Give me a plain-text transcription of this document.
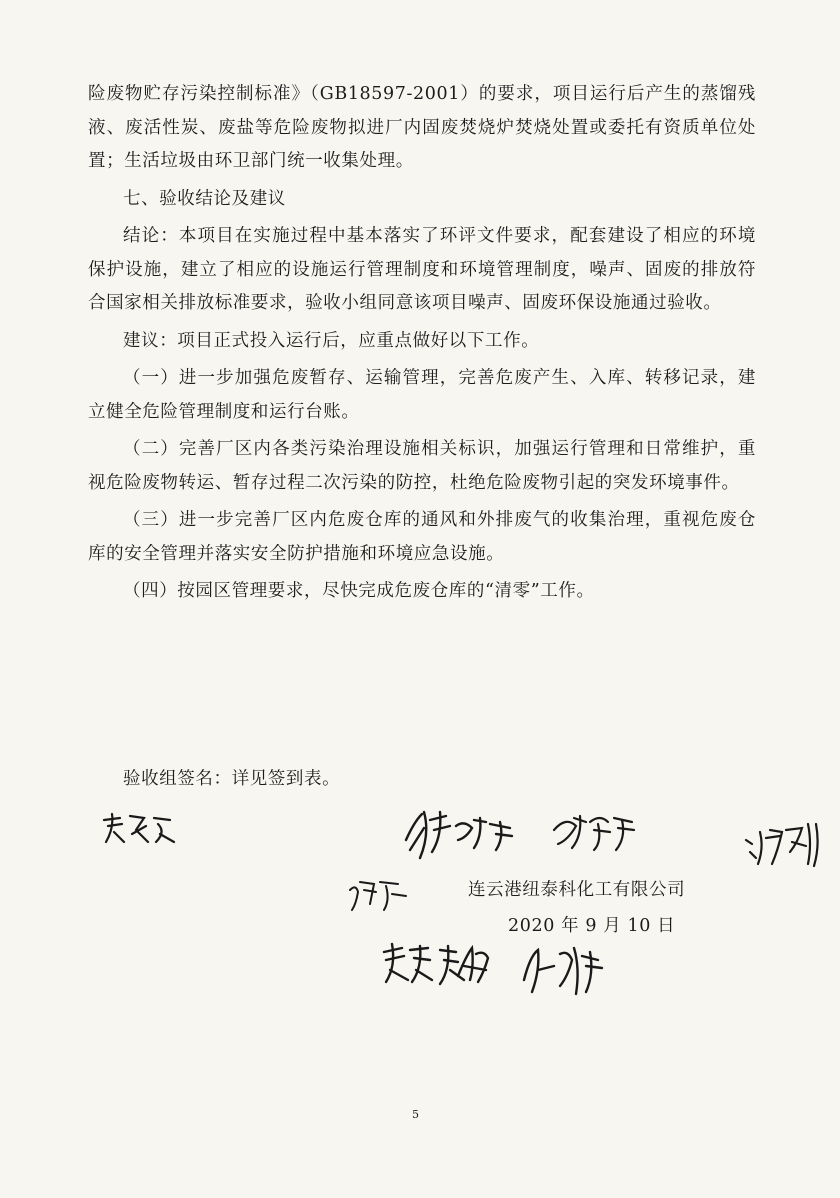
险废物贮存污染控制标准》（GB18597-2001）的要求，项目运行后产生的蒸馏残液、废活性炭、废盐等危险废物拟进厂内固废焚烧炉焚烧处置或委托有资质单位处置；生活垃圾由环卫部门统一收集处理。

七、验收结论及建议

结论：本项目在实施过程中基本落实了环评文件要求，配套建设了相应的环境保护设施，建立了相应的设施运行管理制度和环境管理制度，噪声、固废的排放符合国家相关排放标准要求，验收小组同意该项目噪声、固废环保设施通过验收。

建议：项目正式投入运行后，应重点做好以下工作。

（一）进一步加强危废暂存、运输管理，完善危废产生、入库、转移记录，建立健全危险管理制度和运行台账。

（二）完善厂区内各类污染治理设施相关标识，加强运行管理和日常维护，重视危险废物转运、暂存过程二次污染的防控，杜绝危险废物引起的突发环境事件。

（三）进一步完善厂区内危废仓库的通风和外排废气的收集治理，重视危废仓库的安全管理并落实安全防护措施和环境应急设施。

（四）按园区管理要求，尽快完成危废仓库的“清零”工作。

验收组签名：详见签到表。
连云港纽泰科化工有限公司
2020 年 9 月 10 日
5
